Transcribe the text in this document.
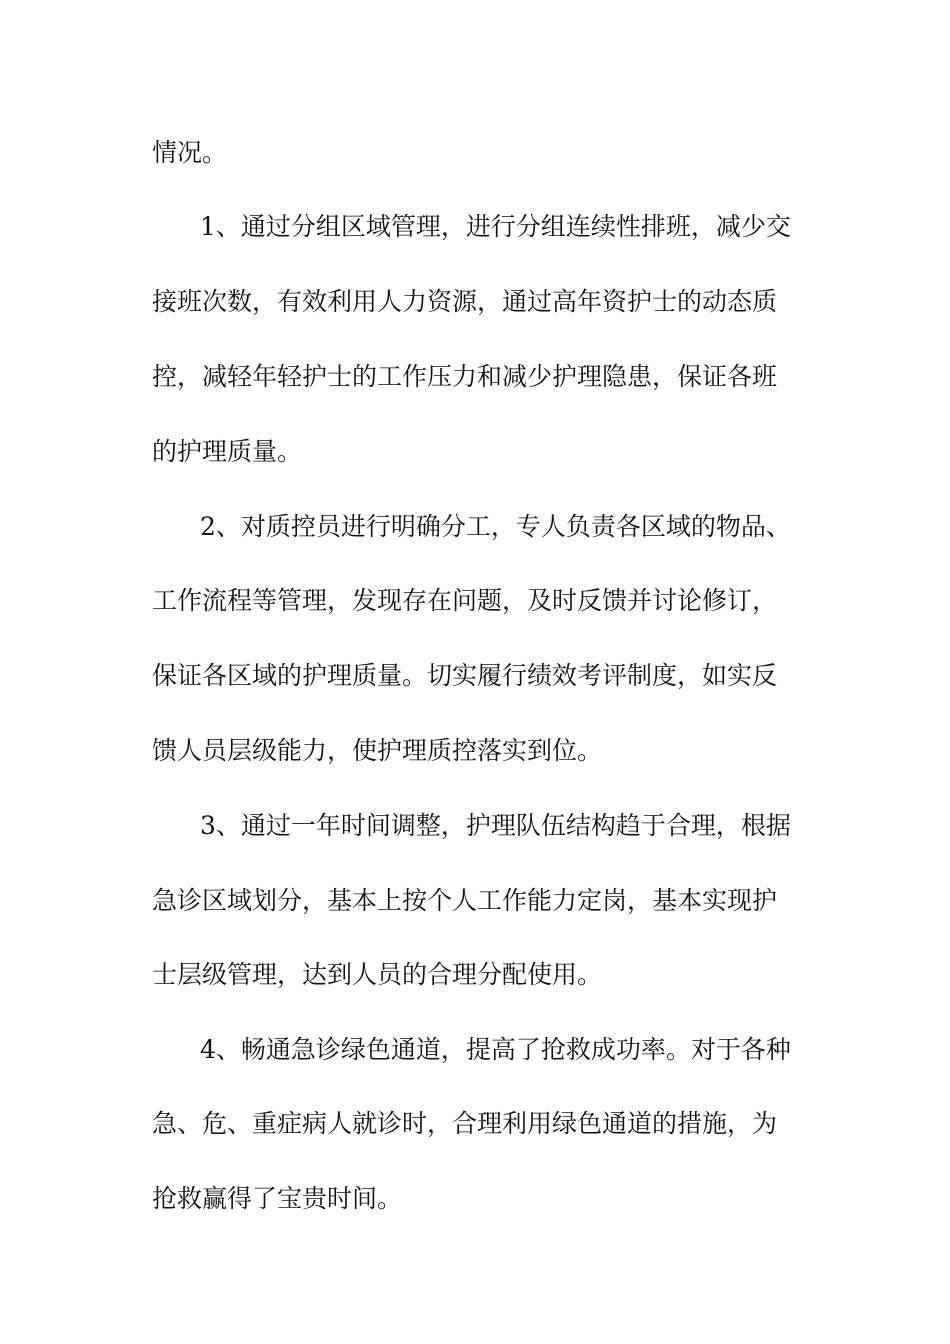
情况。
1、通过分组区域管理，进行分组连续性排班，减少交
接班次数，有效利用人力资源，通过高年资护士的动态质
控，减轻年轻护士的工作压力和减少护理隐患，保证各班
的护理质量。
2、对质控员进行明确分工，专人负责各区域的物品、
工作流程等管理，发现存在问题，及时反馈并讨论修订，
保证各区域的护理质量。切实履行绩效考评制度，如实反
馈人员层级能力，使护理质控落实到位。
3、通过一年时间调整，护理队伍结构趋于合理，根据
急诊区域划分，基本上按个人工作能力定岗，基本实现护
士层级管理，达到人员的合理分配使用。
4、畅通急诊绿色通道，提高了抢救成功率。对于各种
急、危、重症病人就诊时，合理利用绿色通道的措施，为
抢救赢得了宝贵时间。
